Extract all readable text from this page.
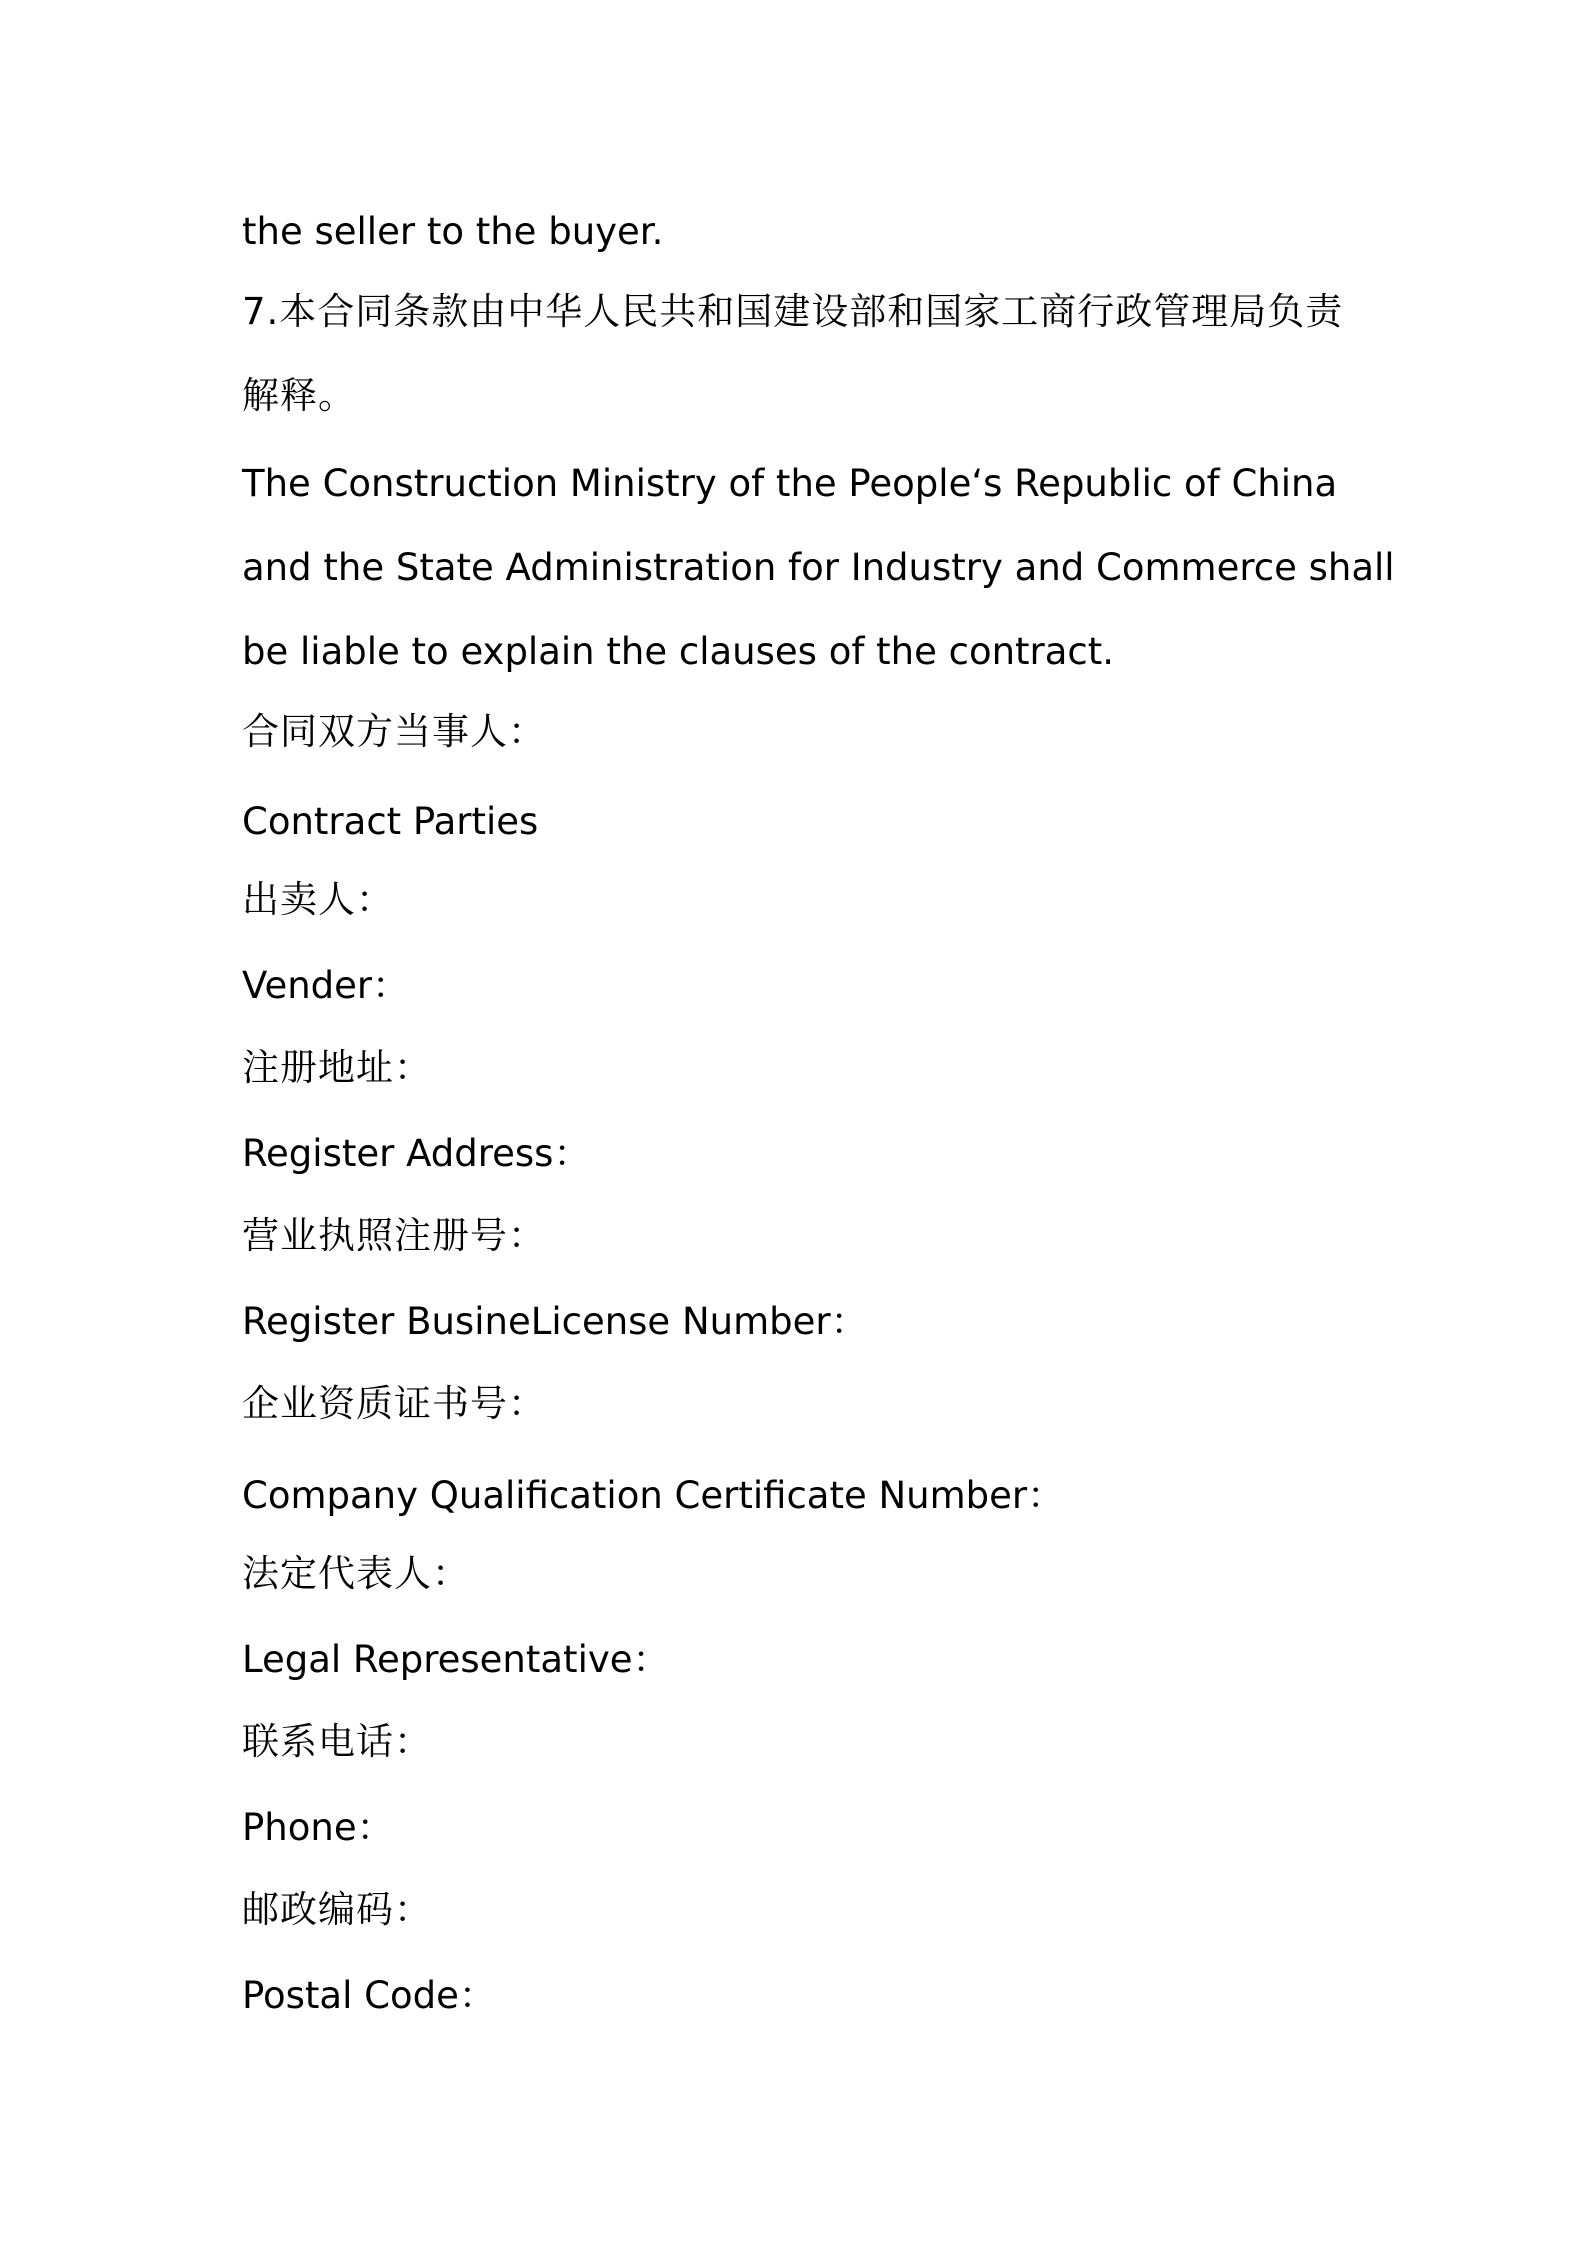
the seller to the buyer.
7.本合同条款由中华人民共和国建设部和国家工商行政管理局负责
解释。
The Construction Ministry of the People‘s Republic of China
and the State Administration for Industry and Commerce shall
be liable to explain the clauses of the contract.
合同双方当事人：
Contract Parties
出卖人：
Vender：
注册地址：
Register Address：
营业执照注册号：
Register BusineLicense Number：
企业资质证书号：
Company Qualification Certificate Number：
法定代表人：
Legal Representative：
联系电话：
Phone：
邮政编码：
Postal Code：
